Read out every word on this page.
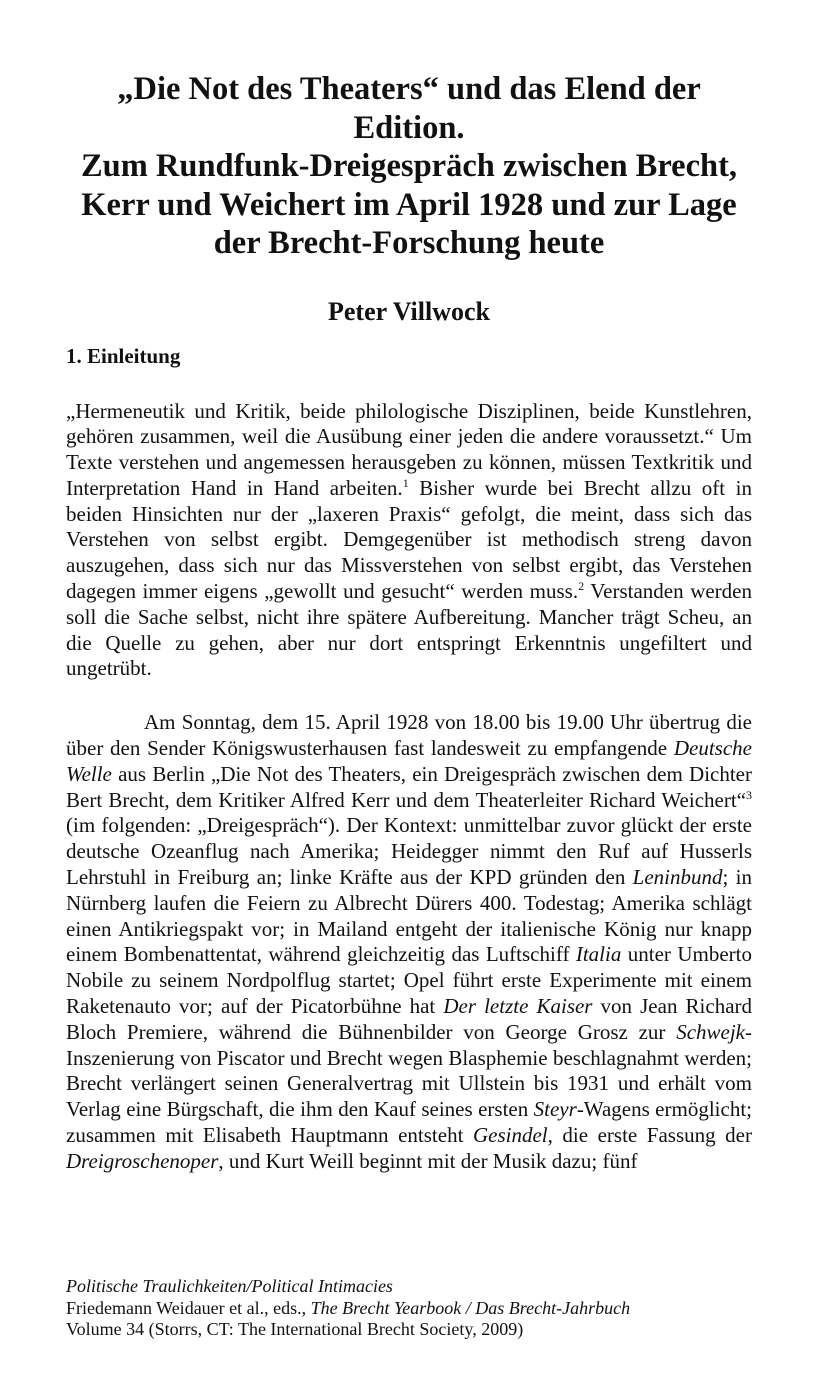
„Die Not des Theaters“ und das Elend der
Edition.
Zum Rundfunk-Dreigespräch zwischen Brecht,
Kerr und Weichert im April 1928 und zur Lage
der Brecht-Forschung heute
Peter Villwock
1. Einleitung

„Hermeneutik und Kritik, beide philologische Disziplinen, beide Kunstlehren, gehören zusammen, weil die Ausübung einer jeden die andere voraussetzt.“ Um Texte verstehen und angemessen herausgeben zu können, müssen Textkritik und Interpretation Hand in Hand arbeiten.$^1$ Bisher wurde bei Brecht allzu oft in beiden Hinsichten nur der „laxeren Praxis“ gefolgt, die meint, dass sich das Verstehen von selbst ergibt. Demgegenüber ist methodisch streng davon auszugehen, dass sich nur das Missverstehen von selbst ergibt, das Verstehen dagegen immer eigens „gewollt und gesucht“ werden muss.$^2$ Verstanden werden soll die Sache selbst, nicht ihre spätere Aufbereitung. Mancher trägt Scheu, an die Quelle zu gehen, aber nur dort entspringt Erkenntnis ungefiltert und ungetrübt.

Am Sonntag, dem 15. April 1928 von 18.00 bis 19.00 Uhr übertrug die über den Sender Königswusterhausen fast landesweit zu empfangende Deutsche Welle aus Berlin „Die Not des Theaters, ein Dreigespräch zwischen dem Dichter Bert Brecht, dem Kritiker Alfred Kerr und dem Theaterleiter Richard Weichert“$^3$ (im folgenden: „Dreigespräch“). Der Kontext: unmittelbar zuvor glückt der erste deutsche Ozeanflug nach Amerika; Heidegger nimmt den Ruf auf Husserls Lehrstuhl in Freiburg an; linke Kräfte aus der KPD gründen den Leninbund; in Nürnberg laufen die Feiern zu Albrecht Dürers 400. Todestag; Amerika schlägt einen Antikriegspakt vor; in Mailand entgeht der italienische König nur knapp einem Bombenattentat, während gleichzeitig das Luftschiff Italia unter Umberto Nobile zu seinem Nordpolflug startet; Opel führt erste Experimente mit einem Raketenauto vor; auf der Picatorbühne hat Der letzte Kaiser von Jean Richard Bloch Premiere, während die Bühnenbilder von George Grosz zur Schwejk-Inszenierung von Piscator und Brecht wegen Blasphemie beschlagnahmt werden; Brecht verlängert seinen Generalvertrag mit Ullstein bis 1931 und erhält vom Verlag eine Bürgschaft, die ihm den Kauf seines ersten Steyr-Wagens ermöglicht; zusammen mit Elisabeth Hauptmann entsteht Gesindel, die erste Fassung der Dreigroschenoper, und Kurt Weill beginnt mit der Musik dazu; fünf

Politische Traulichkeiten/Political Intimacies
Friedemann Weidauer et al., eds., The Brecht Yearbook / Das Brecht-Jahrbuch
Volume 34 (Storrs, CT: The International Brecht Society, 2009)
